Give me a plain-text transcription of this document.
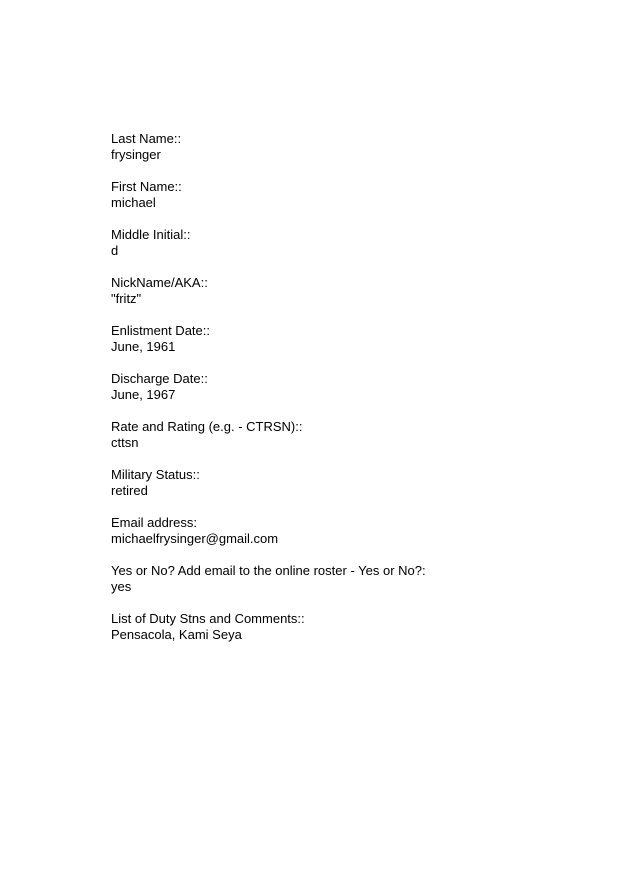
Last Name::
frysinger
First Name::
michael
Middle Initial::
d
NickName/AKA::
"fritz"
Enlistment Date::
June, 1961
Discharge Date::
June, 1967
Rate and Rating (e.g. - CTRSN)::
cttsn
Military Status::
retired
Email address:
michaelfrysinger@gmail.com
Yes or No? Add email to the online roster - Yes or No?:
yes
List of Duty Stns and Comments::
Pensacola, Kami Seya
